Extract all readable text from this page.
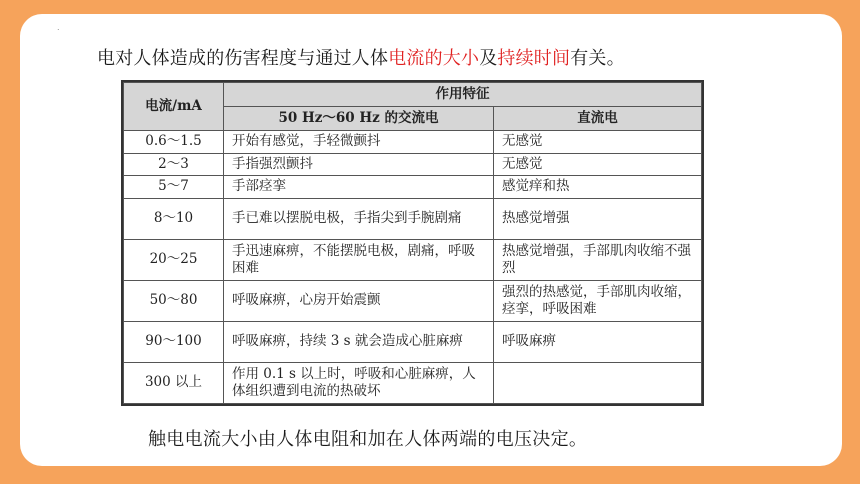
.
电对人体造成的伤害程度与通过人体电流的大小及持续时间有关。
电流/mA	作用特征	
	50 Hz～60 Hz 的交流电	直流电
0.6～1.5	开始有感觉，手轻微颤抖	无感觉
2～3	手指强烈颤抖	无感觉
5～7	手部痉挛	感觉痒和热
8～10	手已难以摆脱电极，手指尖到手腕剧痛	热感觉增强
20～25	手迅速麻痹，不能摆脱电极，剧痛，呼吸困难	热感觉增强，手部肌肉收缩不强烈
50～80	呼吸麻痹，心房开始震颤	强烈的热感觉，手部肌肉收缩，痉挛，呼吸困难
90～100	呼吸麻痹，持续 3 s 就会造成心脏麻痹	呼吸麻痹
300 以上	作用 0.1 s 以上时，呼吸和心脏麻痹，人体组织遭到电流的热破坏	
触电电流大小由人体电阻和加在人体两端的电压决定。
